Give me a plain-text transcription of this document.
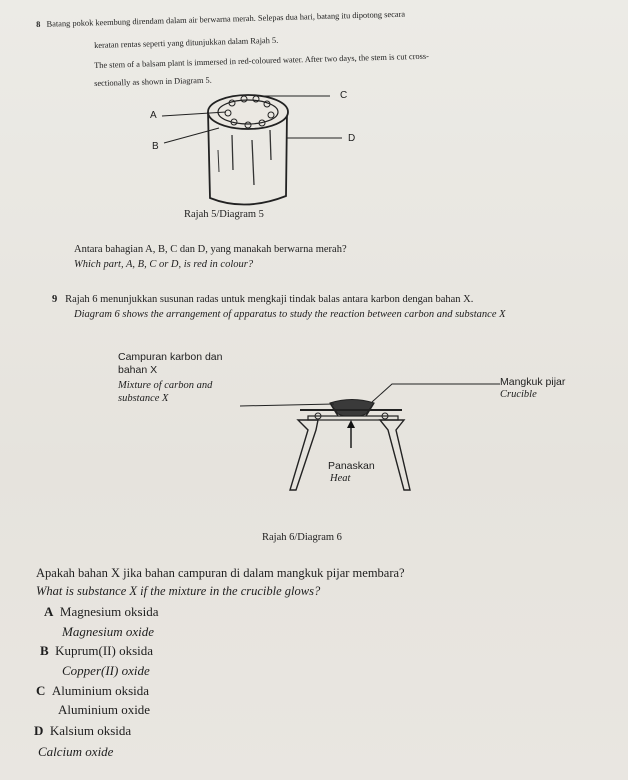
8 Batang pokok keembung direndam dalam air berwarna merah. Selepas dua hari, batang itu dipotong secara
keratan rentas seperti yang ditunjukkan dalam Rajah 5.
The stem of a balsam plant is immersed in red-coloured water. After two days, the stem is cut cross-
sectionally as shown in Diagram 5.
A
B
C
D
Rajah 5/Diagram 5
Antara bahagian A, B, C dan D, yang manakah berwarna merah?
Which part, A, B, C or D, is red in colour?
9 Rajah 6 menunjukkan susunan radas untuk mengkaji tindak balas antara karbon dengan bahan X.
Diagram 6 shows the arrangement of apparatus to study the reaction between carbon and substance X
Campuran karbon dan
bahan X
Mixture of carbon and
substance X
Mangkuk pijar
Crucible
Panaskan
Heat
Rajah 6/Diagram 6
Apakah bahan X jika bahan campuran di dalam mangkuk pijar membara?
What is substance X if the mixture in the crucible glows?
A Magnesium oksida
Magnesium oxide
B Kuprum(II) oksida
Copper(II) oxide
C Aluminium oksida
Aluminium oxide
D Kalsium oksida
Calcium oxide
